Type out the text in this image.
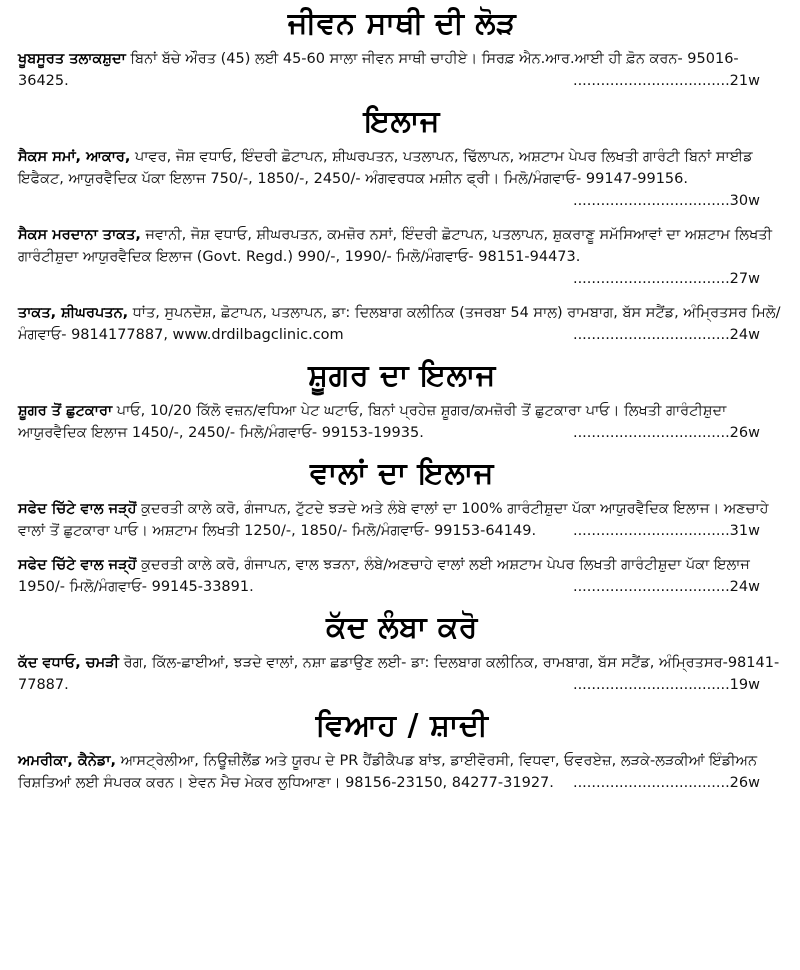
ਜੀਵਨ ਸਾਥੀ ਦੀ ਲੋੜ

ਖੂਬਸੂਰਤ ਤਲਾਕਸ਼ੁਦਾ ਬਿਨਾਂ ਬੱਚੇ ਔਰਤ (45) ਲਈ 45-60 ਸਾਲਾ ਜੀਵਨ ਸਾਥੀ ਚਾਹੀਏ। ਸਿਰਫ਼ ਐਨ.ਆਰ.ਆਈ ਹੀ ਫ਼ੋਨ ਕਰਨ- 95016-36425.	..................................21w

ਇਲਾਜ

ਸੈਕਸ ਸਮਾਂ, ਆਕਾਰ, ਪਾਵਰ, ਜੋਸ਼ ਵਧਾਓ, ਇੰਦਰੀ ਛੋਟਾਪਨ, ਸ਼ੀਘਰਪਤਨ, ਪਤਲਾਪਨ, ਢਿੱਲਾਪਨ, ਅਸ਼ਟਾਮ ਪੇਪਰ ਲਿਖਤੀ ਗਾਰੰਟੀ ਬਿਨਾਂ ਸਾਈਡ ਇਫੈਕਟ, ਆਯੁਰਵੈਦਿਕ ਪੱਕਾ ਇਲਾਜ 750/-, 1850/-, 2450/- ਅੰਗਵਰਧਕ ਮਸ਼ੀਨ ਫ੍ਰੀ। ਮਿਲੋ/ਮੰਗਵਾਓ- 99147-99156.
..................................30w

ਸੈਕਸ ਮਰਦਾਨਾ ਤਾਕਤ, ਜਵਾਨੀ, ਜੋਸ਼ ਵਧਾਓ, ਸ਼ੀਘਰਪਤਨ, ਕਮਜ਼ੋਰ ਨਸਾਂ, ਇੰਦਰੀ ਛੋਟਾਪਨ, ਪਤਲਾਪਨ, ਸ਼ੁਕਰਾਣੂ ਸਮੱਸਿਆਵਾਂ ਦਾ ਅਸ਼ਟਾਮ ਲਿਖਤੀ ਗਾਰੰਟੀਸ਼ੁਦਾ ਆਯੁਰਵੈਦਿਕ ਇਲਾਜ (Govt. Regd.) 990/-, 1990/- ਮਿਲੋ/ਮੰਗਵਾਓ- 98151-94473.
..................................27w

ਤਾਕਤ, ਸ਼ੀਘਰਪਤਨ, ਧਾਂਤ, ਸੁਪਨਦੋਸ਼, ਛੋਟਾਪਨ, ਪਤਲਾਪਨ, ਡਾ: ਦਿਲਬਾਗ ਕਲੀਨਿਕ (ਤਜਰਬਾ 54 ਸਾਲ) ਰਾਮਬਾਗ, ਬੱਸ ਸਟੈਂਡ, ਅੰਮ੍ਰਿਤਸਰ ਮਿਲੋ/ਮੰਗਵਾਓ- 9814177887, www.drdilbagclinic.com	..................................24w

ਸ਼ੂਗਰ ਦਾ ਇਲਾਜ

ਸ਼ੂਗਰ ਤੋਂ ਛੁਟਕਾਰਾ ਪਾਓ, 10/20 ਕਿੱਲੋ ਵਜ਼ਨ/ਵਧਿਆ ਪੇਟ ਘਟਾਓ, ਬਿਨਾਂ ਪ੍ਰਹੇਜ਼ ਸ਼ੂਗਰ/ਕਮਜ਼ੋਰੀ ਤੋਂ ਛੁਟਕਾਰਾ ਪਾਓ। ਲਿਖਤੀ ਗਾਰੰਟੀਸ਼ੁਦਾ ਆਯੁਰਵੈਦਿਕ ਇਲਾਜ 1450/-, 2450/- ਮਿਲੋ/ਮੰਗਵਾਓ- 99153-19935.	..................................26w

ਵਾਲਾਂ ਦਾ ਇਲਾਜ

ਸਫੇਦ ਚਿੱਟੇ ਵਾਲ ਜੜ੍ਹੋਂ ਕੁਦਰਤੀ ਕਾਲੇ ਕਰੋ, ਗੰਜਾਪਨ, ਟੁੱਟਦੇ ਝੜਦੇ ਅਤੇ ਲੰਬੇ ਵਾਲਾਂ ਦਾ 100% ਗਾਰੰਟੀਸ਼ੁਦਾ ਪੱਕਾ ਆਯੁਰਵੈਦਿਕ ਇਲਾਜ। ਅਣਚਾਹੇ ਵਾਲਾਂ ਤੋਂ ਛੁਟਕਾਰਾ ਪਾਓ। ਅਸ਼ਟਾਮ ਲਿਖਤੀ 1250/-, 1850/- ਮਿਲੋ/ਮੰਗਵਾਓ- 99153-64149.	..................................31w

ਸਫੇਦ ਚਿੱਟੇ ਵਾਲ ਜੜ੍ਹੋਂ ਕੁਦਰਤੀ ਕਾਲੇ ਕਰੋ, ਗੰਜਾਪਨ, ਵਾਲ ਝੜਨਾ, ਲੰਬੇ/ਅਣਚਾਹੇ ਵਾਲਾਂ ਲਈ ਅਸ਼ਟਾਮ ਪੇਪਰ ਲਿਖਤੀ ਗਾਰੰਟੀਸ਼ੁਦਾ ਪੱਕਾ ਇਲਾਜ 1950/- ਮਿਲੋ/ਮੰਗਵਾਓ- 99145-33891.	..................................24w

ਕੱਦ ਲੰਬਾ ਕਰੋ

ਕੱਦ ਵਧਾਓ, ਚਮੜੀ ਰੋਗ, ਕਿੱਲ-ਛਾਈਆਂ, ਝੜਦੇ ਵਾਲਾਂ, ਨਸ਼ਾ ਛਡਾਉਣ ਲਈ- ਡਾ: ਦਿਲਬਾਗ ਕਲੀਨਿਕ, ਰਾਮਬਾਗ, ਬੱਸ ਸਟੈਂਡ, ਅੰਮ੍ਰਿਤਸਰ-98141-77887.	..................................19w

ਵਿਆਹ / ਸ਼ਾਦੀ

ਅਮਰੀਕਾ, ਕੈਨੇਡਾ, ਆਸਟ੍ਰੇਲੀਆ, ਨਿਊਜ਼ੀਲੈਂਡ ਅਤੇ ਯੂਰਪ ਦੇ PR ਹੈਂਡੀਕੈਪਡ ਬਾਂਝ, ਡਾਈਵੋਰਸੀ, ਵਿਧਵਾ, ਓਵਰਏਜ਼, ਲੜਕੇ-ਲੜਕੀਆਂ ਇੰਡੀਅਨ ਰਿਸ਼ਤਿਆਂ ਲਈ ਸੰਪਰਕ ਕਰਨ। ਏਵਨ ਮੈਚ ਮੇਕਰ ਲੁਧਿਆਣਾ। 98156-23150, 84277-31927. ..................................26w
